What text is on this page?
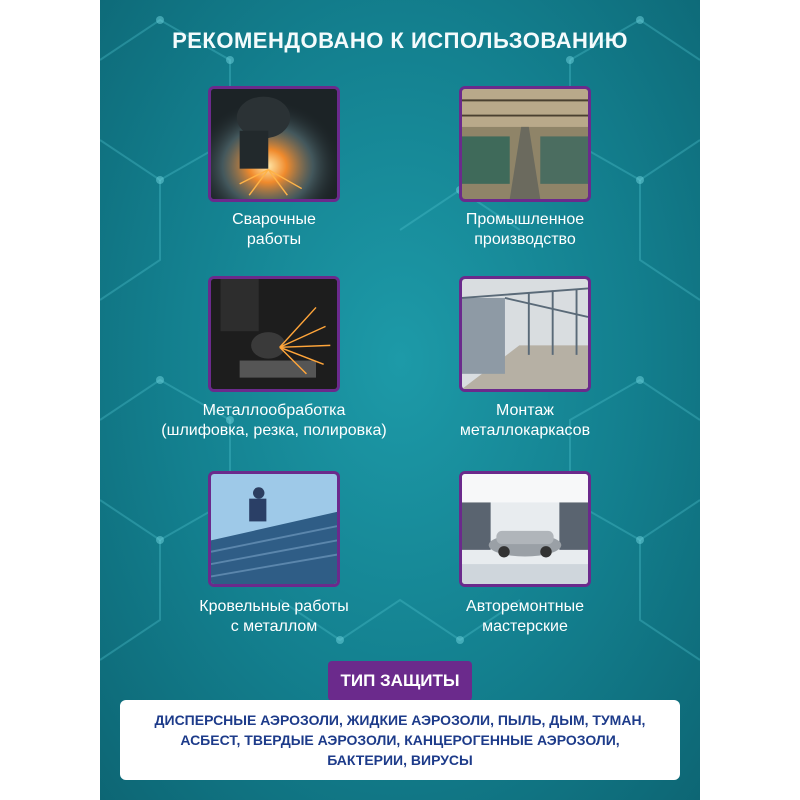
РЕКОМЕНДОВАНО К ИСПОЛЬЗОВАНИЮ
Сварочные
работы
Промышленное
производство
Металлообработка
(шлифовка, резка, полировка)
Монтаж
металлокаркасов
Кровельные работы
с металлом
Авторемонтные
мастерские
ТИП ЗАЩИТЫ
ДИСПЕРСНЫЕ АЭРОЗОЛИ, ЖИДКИЕ АЭРОЗОЛИ, ПЫЛЬ, ДЫМ, ТУМАН,
АСБЕСТ, ТВЕРДЫЕ АЭРОЗОЛИ, КАНЦЕРОГЕННЫЕ АЭРОЗОЛИ,
БАКТЕРИИ, ВИРУСЫ
